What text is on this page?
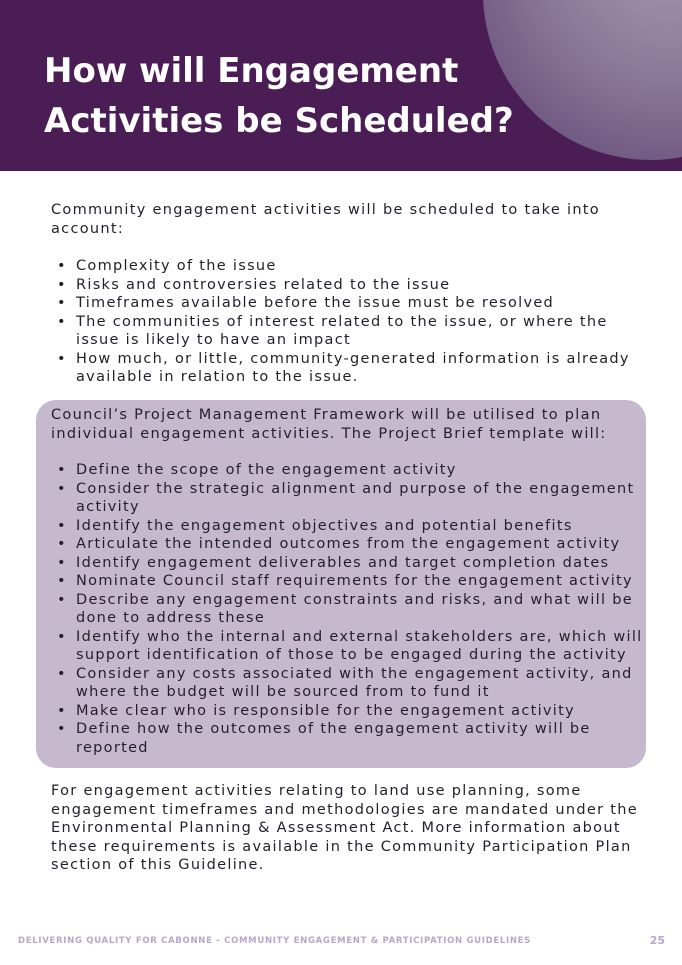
How will Engagement
Activities be Scheduled?

Community engagement activities will be scheduled to take into
account:

• Complexity of the issue
• Risks and controversies related to the issue
• Timeframes available before the issue must be resolved
• The communities of interest related to the issue, or where the
issue is likely to have an impact
• How much, or little, community-generated information is already
available in relation to the issue.

Council’s Project Management Framework will be utilised to plan
individual engagement activities. The Project Brief template will:

• Define the scope of the engagement activity
• Consider the strategic alignment and purpose of the engagement
activity
• Identify the engagement objectives and potential benefits
• Articulate the intended outcomes from the engagement activity
• Identify engagement deliverables and target completion dates
• Nominate Council staff requirements for the engagement activity
• Describe any engagement constraints and risks, and what will be
done to address these
• Identify who the internal and external stakeholders are, which will
support identification of those to be engaged during the activity
• Consider any costs associated with the engagement activity, and
where the budget will be sourced from to fund it
• Make clear who is responsible for the engagement activity
• Define how the outcomes of the engagement activity will be
reported

For engagement activities relating to land use planning, some
engagement timeframes and methodologies are mandated under the
Environmental Planning & Assessment Act. More information about
these requirements is available in the Community Participation Plan
section of this Guideline.

DELIVERING QUALITY FOR CABONNE - COMMUNITY ENGAGEMENT & PARTICIPATION GUIDELINES	25
